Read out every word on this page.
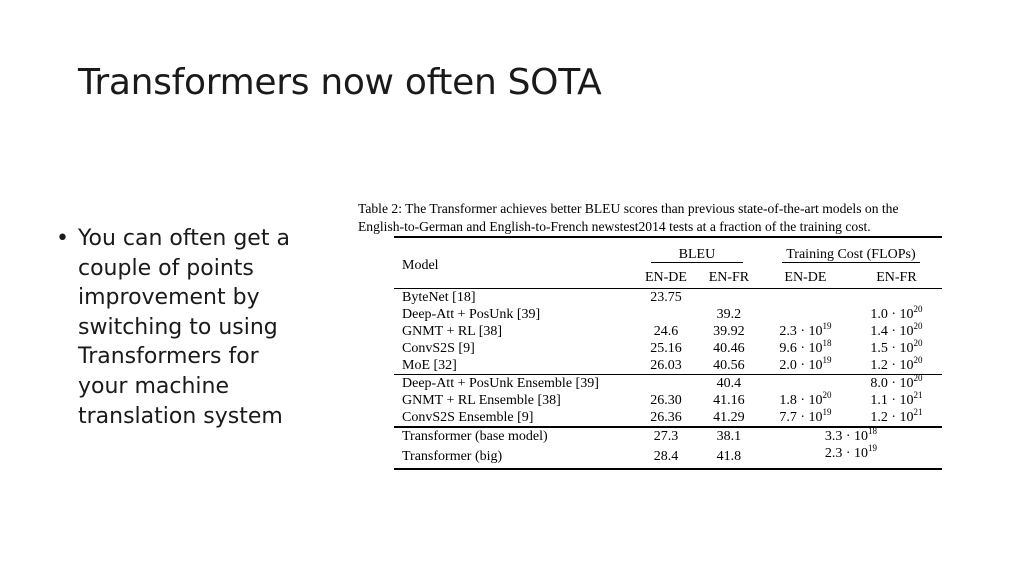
Transformers now often SOTA
• You can often get a
couple of points
improvement by
switching to using
Transformers for
your machine
translation system
Table 2: The Transformer achieves better BLEU scores than previous state-of-the-art models on the
English-to-German and English-to-French newstest2014 tests at a fraction of the training cost.
Model	BLEU		Training Cost (FLOPs)	
	EN-DE	EN-FR	EN-DE	EN-FR
ByteNet [18]	23.75			
Deep-Att + PosUnk [39]		39.2		$1.0 \cdot 10^{20}$
GNMT + RL [38]	24.6	39.92	$2.3 \cdot 10^{19}$	$1.4 \cdot 10^{20}$
ConvS2S [9]	25.16	40.46	$9.6 \cdot 10^{18}$	$1.5 \cdot 10^{20}$
MoE [32]	26.03	40.56	$2.0 \cdot 10^{19}$	$1.2 \cdot 10^{20}$
Deep-Att + PosUnk Ensemble [39]		40.4		$8.0 \cdot 10^{20}$
GNMT + RL Ensemble [38]	26.30	41.16	$1.8 \cdot 10^{20}$	$1.1 \cdot 10^{21}$
ConvS2S Ensemble [9]	26.36	41.29	$7.7 \cdot 10^{19}$	$1.2 \cdot 10^{21}$
Transformer (base model)	27.3	38.1	$3.3 \cdot 10^{18}$
Transformer (big)	28.4	41.8	$2.3 \cdot 10^{19}$
